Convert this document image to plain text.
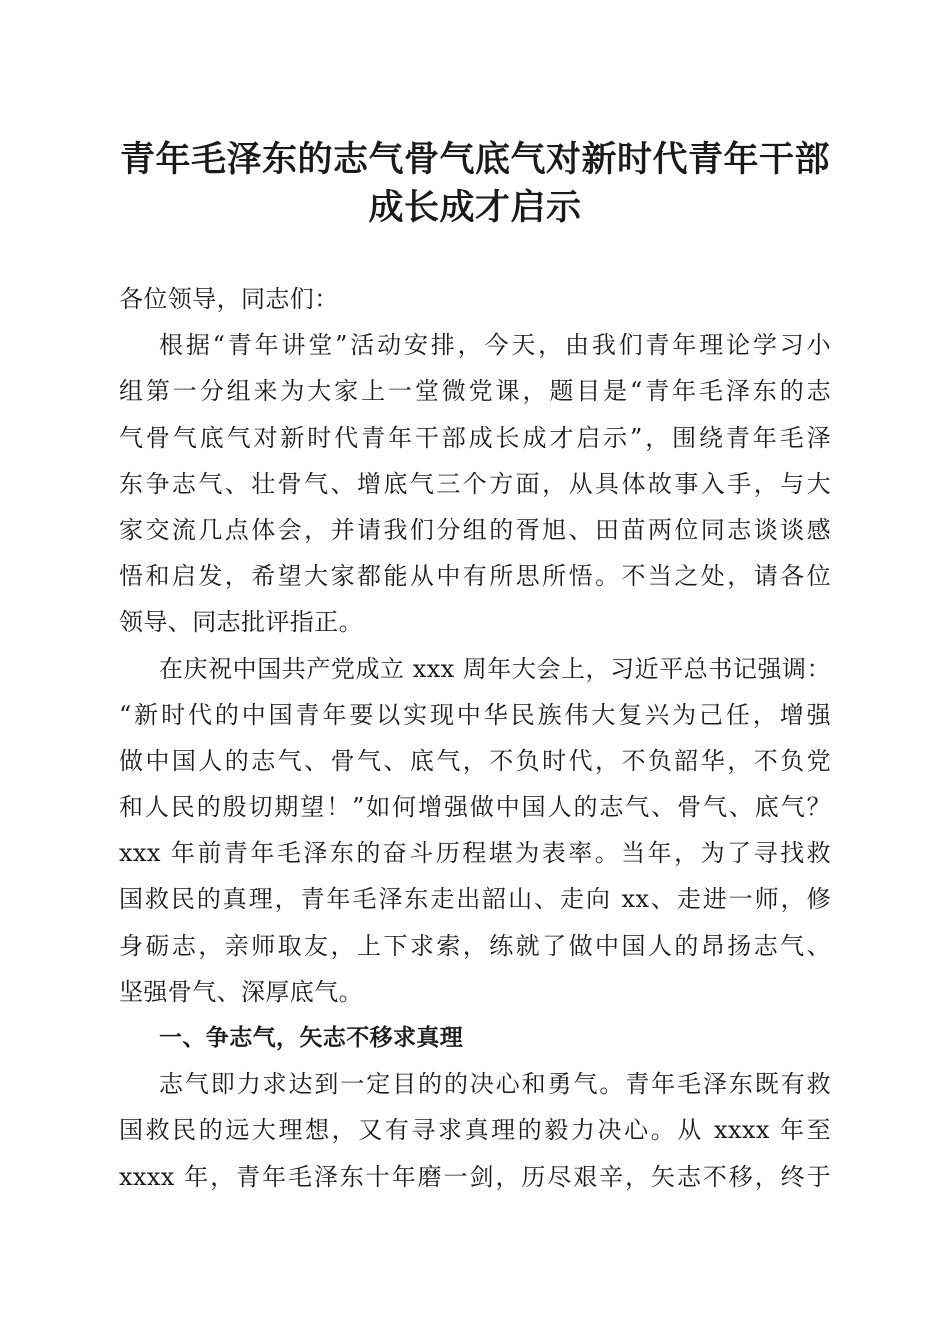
青年毛泽东的志气骨气底气对新时代青年干部
成长成才启示
各位领导，同志们：
根据“青年讲堂”活动安排，今天，由我们青年理论学习小
组第一分组来为大家上一堂微党课，题目是“青年毛泽东的志
气骨气底气对新时代青年干部成长成才启示”，围绕青年毛泽
东争志气、壮骨气、增底气三个方面，从具体故事入手，与大
家交流几点体会，并请我们分组的胥旭、田苗两位同志谈谈感
悟和启发，希望大家都能从中有所思所悟。不当之处，请各位
领导、同志批评指正。
在庆祝中国共产党成立 xxx 周年大会上，习近平总书记强调：
“新时代的中国青年要以实现中华民族伟大复兴为己任，增强
做中国人的志气、骨气、底气，不负时代，不负韶华，不负党
和人民的殷切期望！”如何增强做中国人的志气、骨气、底气？
xxx 年前青年毛泽东的奋斗历程堪为表率。当年，为了寻找救
国救民的真理，青年毛泽东走出韶山、走向 xx、走进一师，修
身砺志，亲师取友，上下求索，练就了做中国人的昂扬志气、
坚强骨气、深厚底气。
一、争志气，矢志不移求真理
志气即力求达到一定目的的决心和勇气。青年毛泽东既有救
国救民的远大理想，又有寻求真理的毅力决心。从 xxxx 年至
xxxx 年，青年毛泽东十年磨一剑，历尽艰辛，矢志不移，终于
